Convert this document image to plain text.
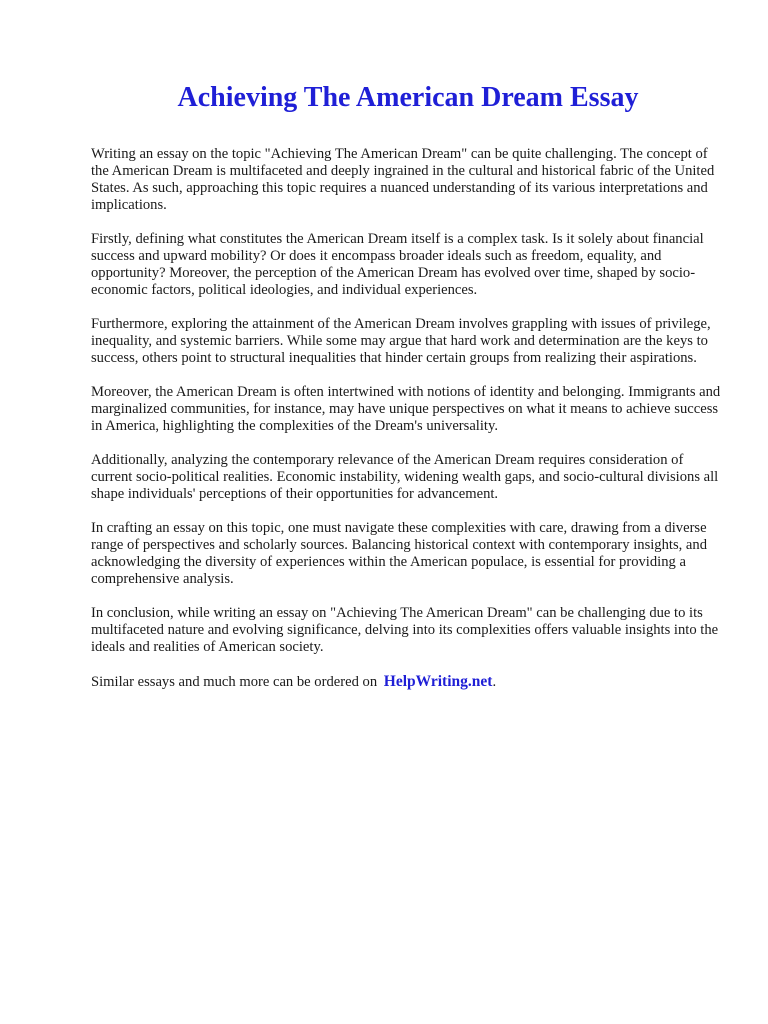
Achieving The American Dream Essay

Writing an essay on the topic "Achieving The American Dream" can be quite challenging. The concept of the American Dream is multifaceted and deeply ingrained in the cultural and historical fabric of the United States. As such, approaching this topic requires a nuanced understanding of its various interpretations and implications.

Firstly, defining what constitutes the American Dream itself is a complex task. Is it solely about financial success and upward mobility? Or does it encompass broader ideals such as freedom, equality, and opportunity? Moreover, the perception of the American Dream has evolved over time, shaped by socio-economic factors, political ideologies, and individual experiences.

Furthermore, exploring the attainment of the American Dream involves grappling with issues of privilege, inequality, and systemic barriers. While some may argue that hard work and determination are the keys to success, others point to structural inequalities that hinder certain groups from realizing their aspirations.

Moreover, the American Dream is often intertwined with notions of identity and belonging. Immigrants and marginalized communities, for instance, may have unique perspectives on what it means to achieve success in America, highlighting the complexities of the Dream's universality.

Additionally, analyzing the contemporary relevance of the American Dream requires consideration of current socio-political realities. Economic instability, widening wealth gaps, and socio-cultural divisions all shape individuals' perceptions of their opportunities for advancement.

In crafting an essay on this topic, one must navigate these complexities with care, drawing from a diverse range of perspectives and scholarly sources. Balancing historical context with contemporary insights, and acknowledging the diversity of experiences within the American populace, is essential for providing a comprehensive analysis.

In conclusion, while writing an essay on "Achieving The American Dream" can be challenging due to its multifaceted nature and evolving significance, delving into its complexities offers valuable insights into the ideals and realities of American society.

Similar essays and much more can be ordered on HelpWriting.net.
